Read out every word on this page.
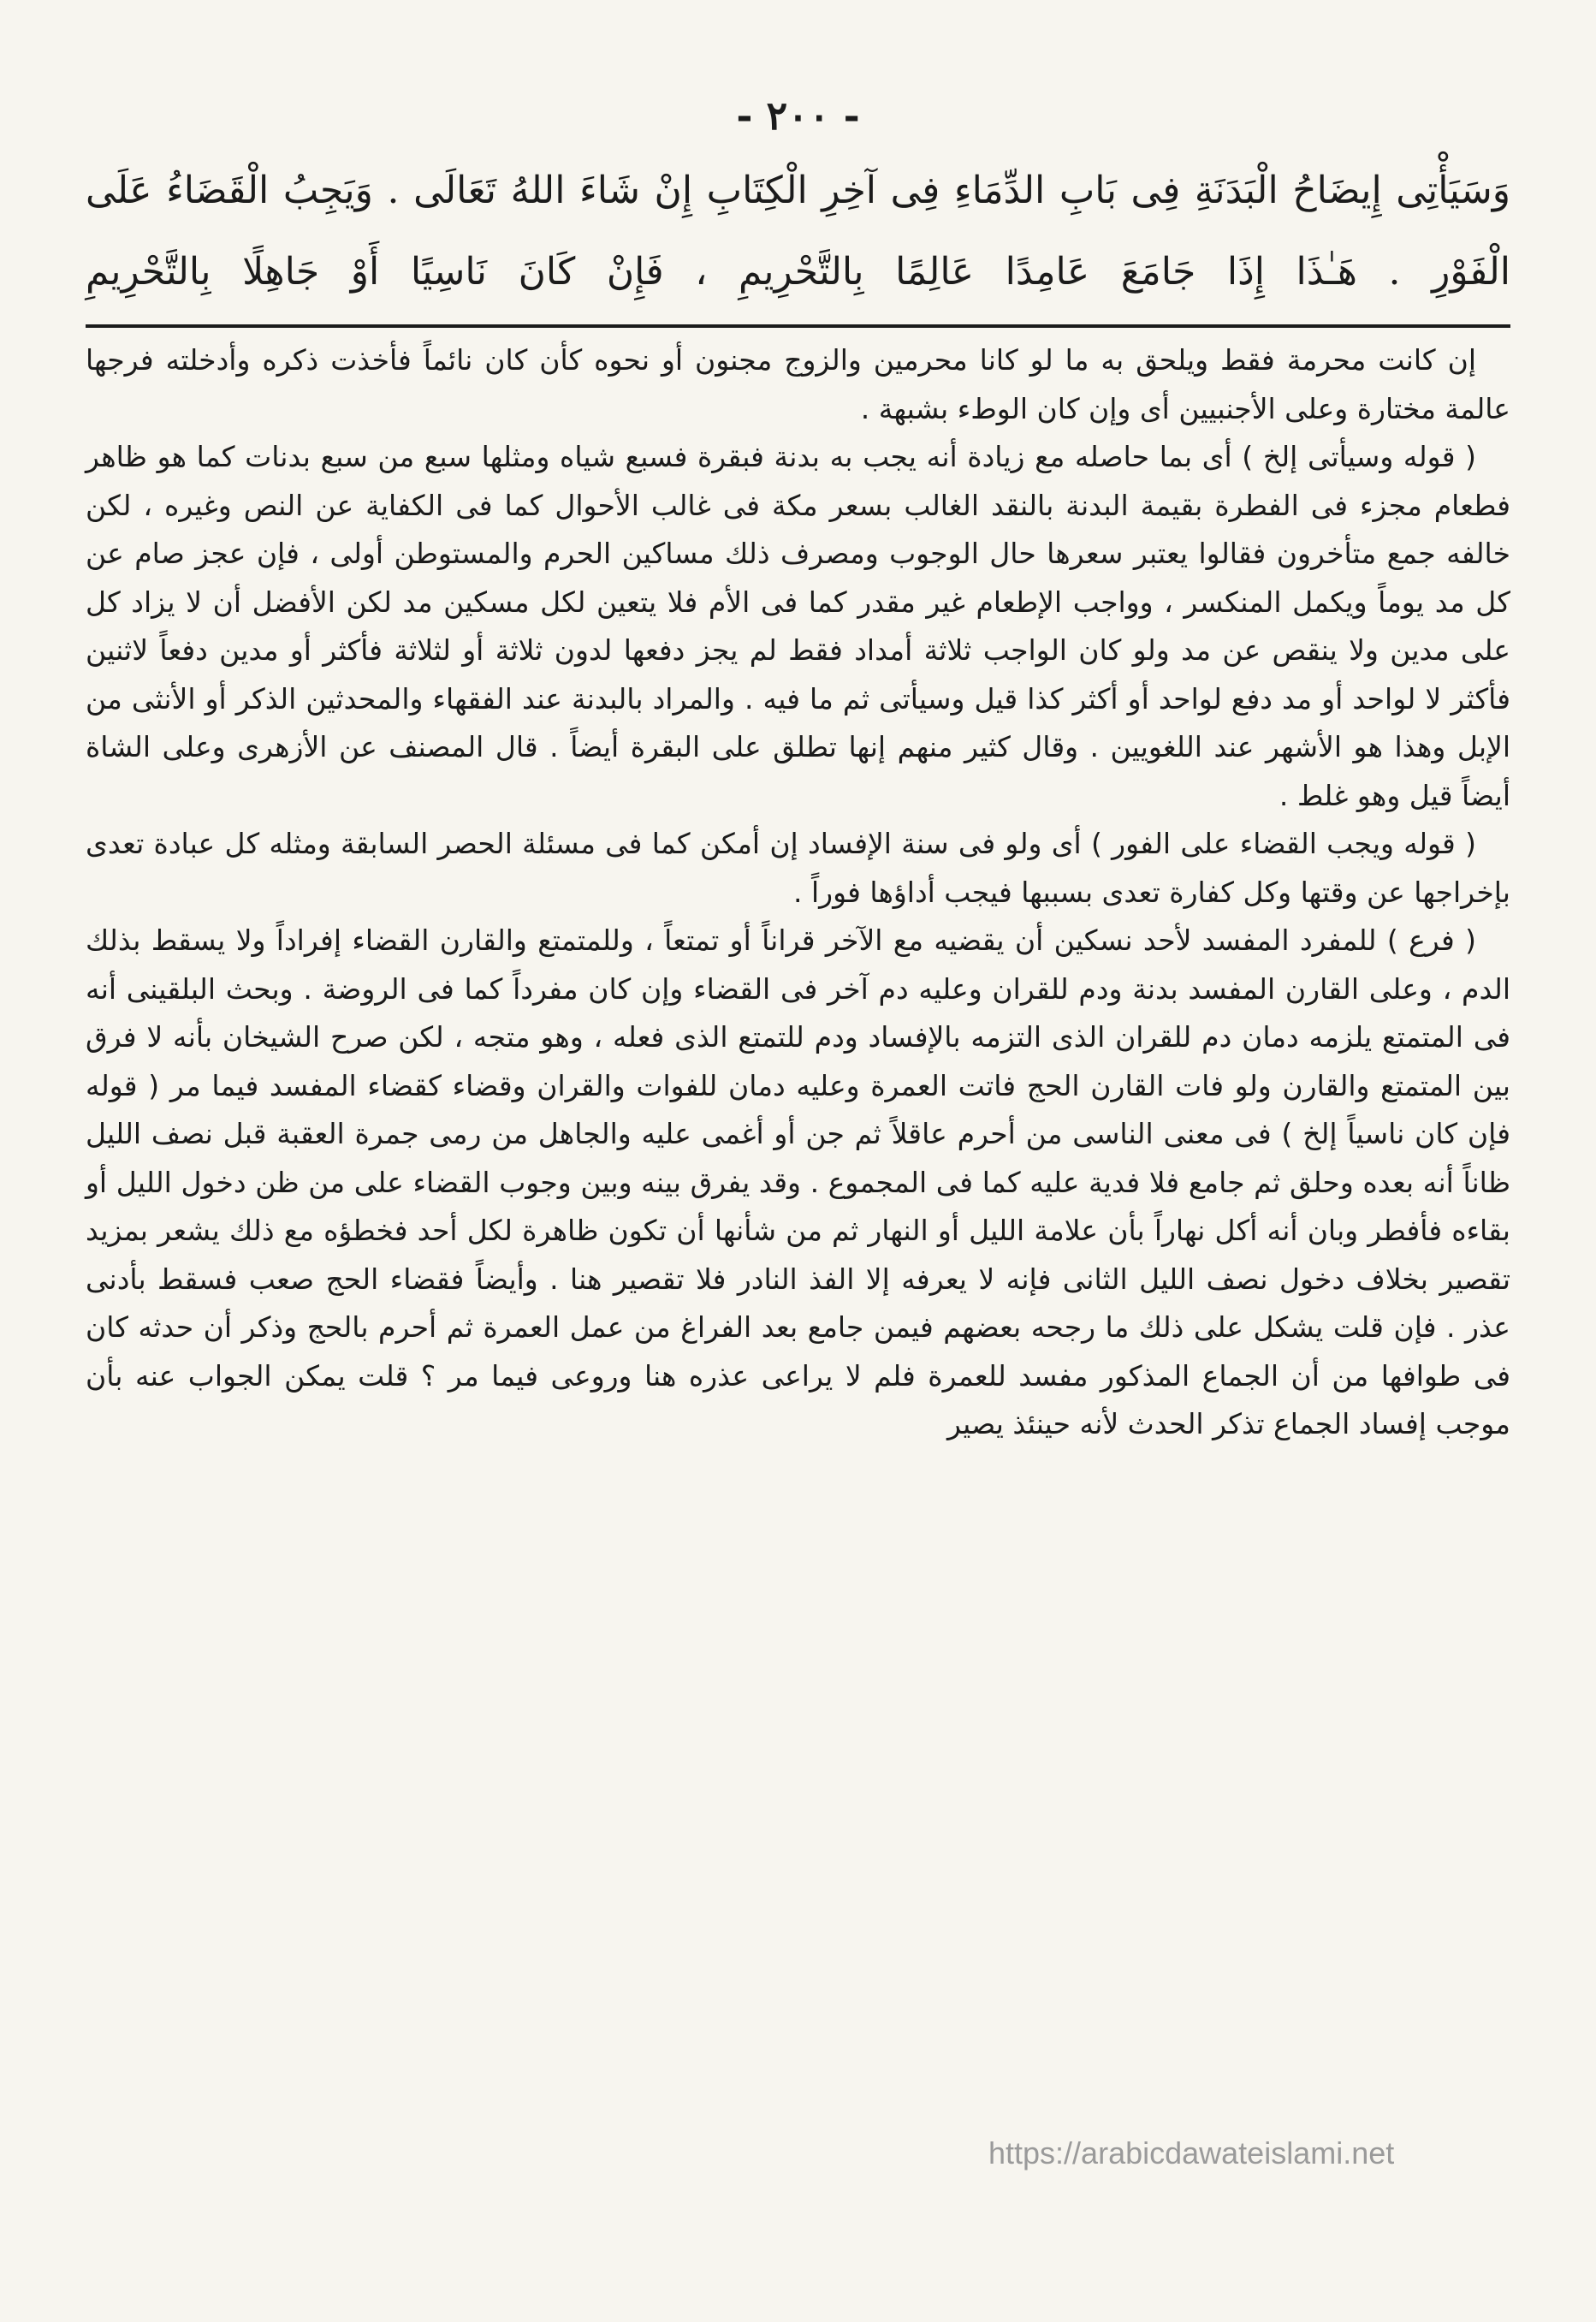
- ٢٠٠ -

وَسَيَأْتِى إِيضَاحُ الْبَدَنَةِ فِى بَابِ الدِّمَاءِ فِى آخِرِ الْكِتَابِ إِنْ شَاءَ اللهُ تَعَالَى . وَيَجِبُ الْقَضَاءُ عَلَى الْفَوْرِ . هَـٰذَا إِذَا جَامَعَ عَامِدًا عَالِمًا بِالتَّحْرِيمِ ، فَإِنْ كَانَ نَاسِيًا أَوْ جَاهِلًا بِالتَّحْرِيمِ

إن كانت محرمة فقط ويلحق به ما لو كانا محرمين والزوج مجنون أو نحوه كأن كان نائماً فأخذت ذكره وأدخلته فرجها عالمة مختارة وعلى الأجنبيين أى وإن كان الوطء بشبهة .

( قوله وسيأتى إلخ ) أى بما حاصله مع زيادة أنه يجب به بدنة فبقرة فسبع شياه ومثلها سبع من سبع بدنات كما هو ظاهر فطعام مجزء فى الفطرة بقيمة البدنة بالنقد الغالب بسعر مكة فى غالب الأحوال كما فى الكفاية عن النص وغيره ، لكن خالفه جمع متأخرون فقالوا يعتبر سعرها حال الوجوب ومصرف ذلك مساكين الحرم والمستوطن أولى ، فإن عجز صام عن كل مد يوماً ويكمل المنكسر ، وواجب الإطعام غير مقدر كما فى الأم فلا يتعين لكل مسكين مد لكن الأفضل أن لا يزاد كل على مدين ولا ينقص عن مد ولو كان الواجب ثلاثة أمداد فقط لم يجز دفعها لدون ثلاثة أو لثلاثة فأكثر أو مدين دفعاً لاثنين فأكثر لا لواحد أو مد دفع لواحد أو أكثر كذا قيل وسيأتى ثم ما فيه . والمراد بالبدنة عند الفقهاء والمحدثين الذكر أو الأنثى من الإبل وهذا هو الأشهر عند اللغويين . وقال كثير منهم إنها تطلق على البقرة أيضاً . قال المصنف عن الأزهرى وعلى الشاة أيضاً قيل وهو غلط .

( قوله ويجب القضاء على الفور ) أى ولو فى سنة الإفساد إن أمكن كما فى مسئلة الحصر السابقة ومثله كل عبادة تعدى بإخراجها عن وقتها وكل كفارة تعدى بسببها فيجب أداؤها فوراً .

( فرع ) للمفرد المفسد لأحد نسكين أن يقضيه مع الآخر قراناً أو تمتعاً ، وللمتمتع والقارن القضاء إفراداً ولا يسقط بذلك الدم ، وعلى القارن المفسد بدنة ودم للقران وعليه دم آخر فى القضاء وإن كان مفرداً كما فى الروضة . وبحث البلقينى أنه فى المتمتع يلزمه دمان دم للقران الذى التزمه بالإفساد ودم للتمتع الذى فعله ، وهو متجه ، لكن صرح الشيخان بأنه لا فرق بين المتمتع والقارن ولو فات القارن الحج فاتت العمرة وعليه دمان للفوات والقران وقضاء كقضاء المفسد فيما مر ( قوله فإن كان ناسياً إلخ ) فى معنى الناسى من أحرم عاقلاً ثم جن أو أغمى عليه والجاهل من رمى جمرة العقبة قبل نصف الليل ظاناً أنه بعده وحلق ثم جامع فلا فدية عليه كما فى المجموع . وقد يفرق بينه وبين وجوب القضاء على من ظن دخول الليل أو بقاءه فأفطر وبان أنه أكل نهاراً بأن علامة الليل أو النهار ثم من شأنها أن تكون ظاهرة لكل أحد فخطؤه مع ذلك يشعر بمزيد تقصير بخلاف دخول نصف الليل الثانى فإنه لا يعرفه إلا الفذ النادر فلا تقصير هنا . وأيضاً فقضاء الحج صعب فسقط بأدنى عذر . فإن قلت يشكل على ذلك ما رجحه بعضهم فيمن جامع بعد الفراغ من عمل العمرة ثم أحرم بالحج وذكر أن حدثه كان فى طوافها من أن الجماع المذكور مفسد للعمرة فلم لا يراعى عذره هنا وروعى فيما مر ؟ قلت يمكن الجواب عنه بأن موجب إفساد الجماع تذكر الحدث لأنه حينئذ يصير

https://arabicdawateislami.net
